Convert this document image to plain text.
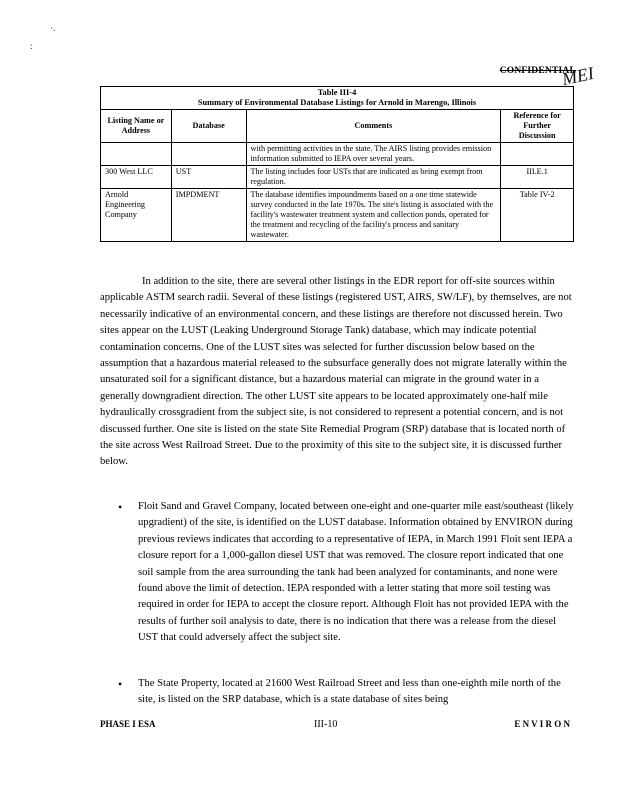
·.
:
CONFIDENTIAL
MEI
Table III-4
Summary of Environmental Database Listings for Arnold in Marengo, Illinois			

Listing Name or Address	Database	Comments	Reference for Further Discussion
		with permitting activities in the state. The AIRS listing provides emission information submitted to IEPA over several years.	
300 West LLC	UST	The listing includes four USTs that are indicated as being exempt from regulation.	III.E.1
Arnold Engineering Company	IMPDMENT	The database identifies impoundments based on a one time statewide survey conducted in the late 1970s. The site's listing is associated with the facility's wastewater treatment system and collection ponds, operated for the treatment and recycling of the facility's process and sanitary wastewater.	Table IV-2
In addition to the site, there are several other listings in the EDR report for off-site sources within applicable ASTM search radii. Several of these listings (registered UST, AIRS, SW/LF), by themselves, are not necessarily indicative of an environmental concern, and these listings are therefore not discussed herein. Two sites appear on the LUST (Leaking Underground Storage Tank) database, which may indicate potential contamination concerns. One of the LUST sites was selected for further discussion below based on the assumption that a hazardous material released to the subsurface generally does not migrate laterally within the unsaturated soil for a significant distance, but a hazardous material can migrate in the ground water in a generally downgradient direction. The other LUST site appears to be located approximately one-half mile hydraulically crossgradient from the subject site, is not considered to represent a potential concern, and is not discussed further. One site is listed on the state Site Remedial Program (SRP) database that is located north of the site across West Railroad Street. Due to the proximity of this site to the subject site, it is discussed further below.
• Floit Sand and Gravel Company, located between one-eight and one-quarter mile east/southeast (likely upgradient) of the site, is identified on the LUST database. Information obtained by ENVIRON during previous reviews indicates that according to a representative of IEPA, in March 1991 Floit sent IEPA a closure report for a 1,000-gallon diesel UST that was removed. The closure report indicated that one soil sample from the area surrounding the tank had been analyzed for contaminants, and none were found above the limit of detection. IEPA responded with a letter stating that more soil testing was required in order for IEPA to accept the closure report. Although Floit has not provided IEPA with the results of further soil analysis to date, there is no indication that there was a release from the diesel UST that could adversely affect the subject site.
• The State Property, located at 21600 West Railroad Street and less than one-eighth mile north of the site, is listed on the SRP database, which is a state database of sites being
PHASE I ESA	III-10	E N V I R O N
